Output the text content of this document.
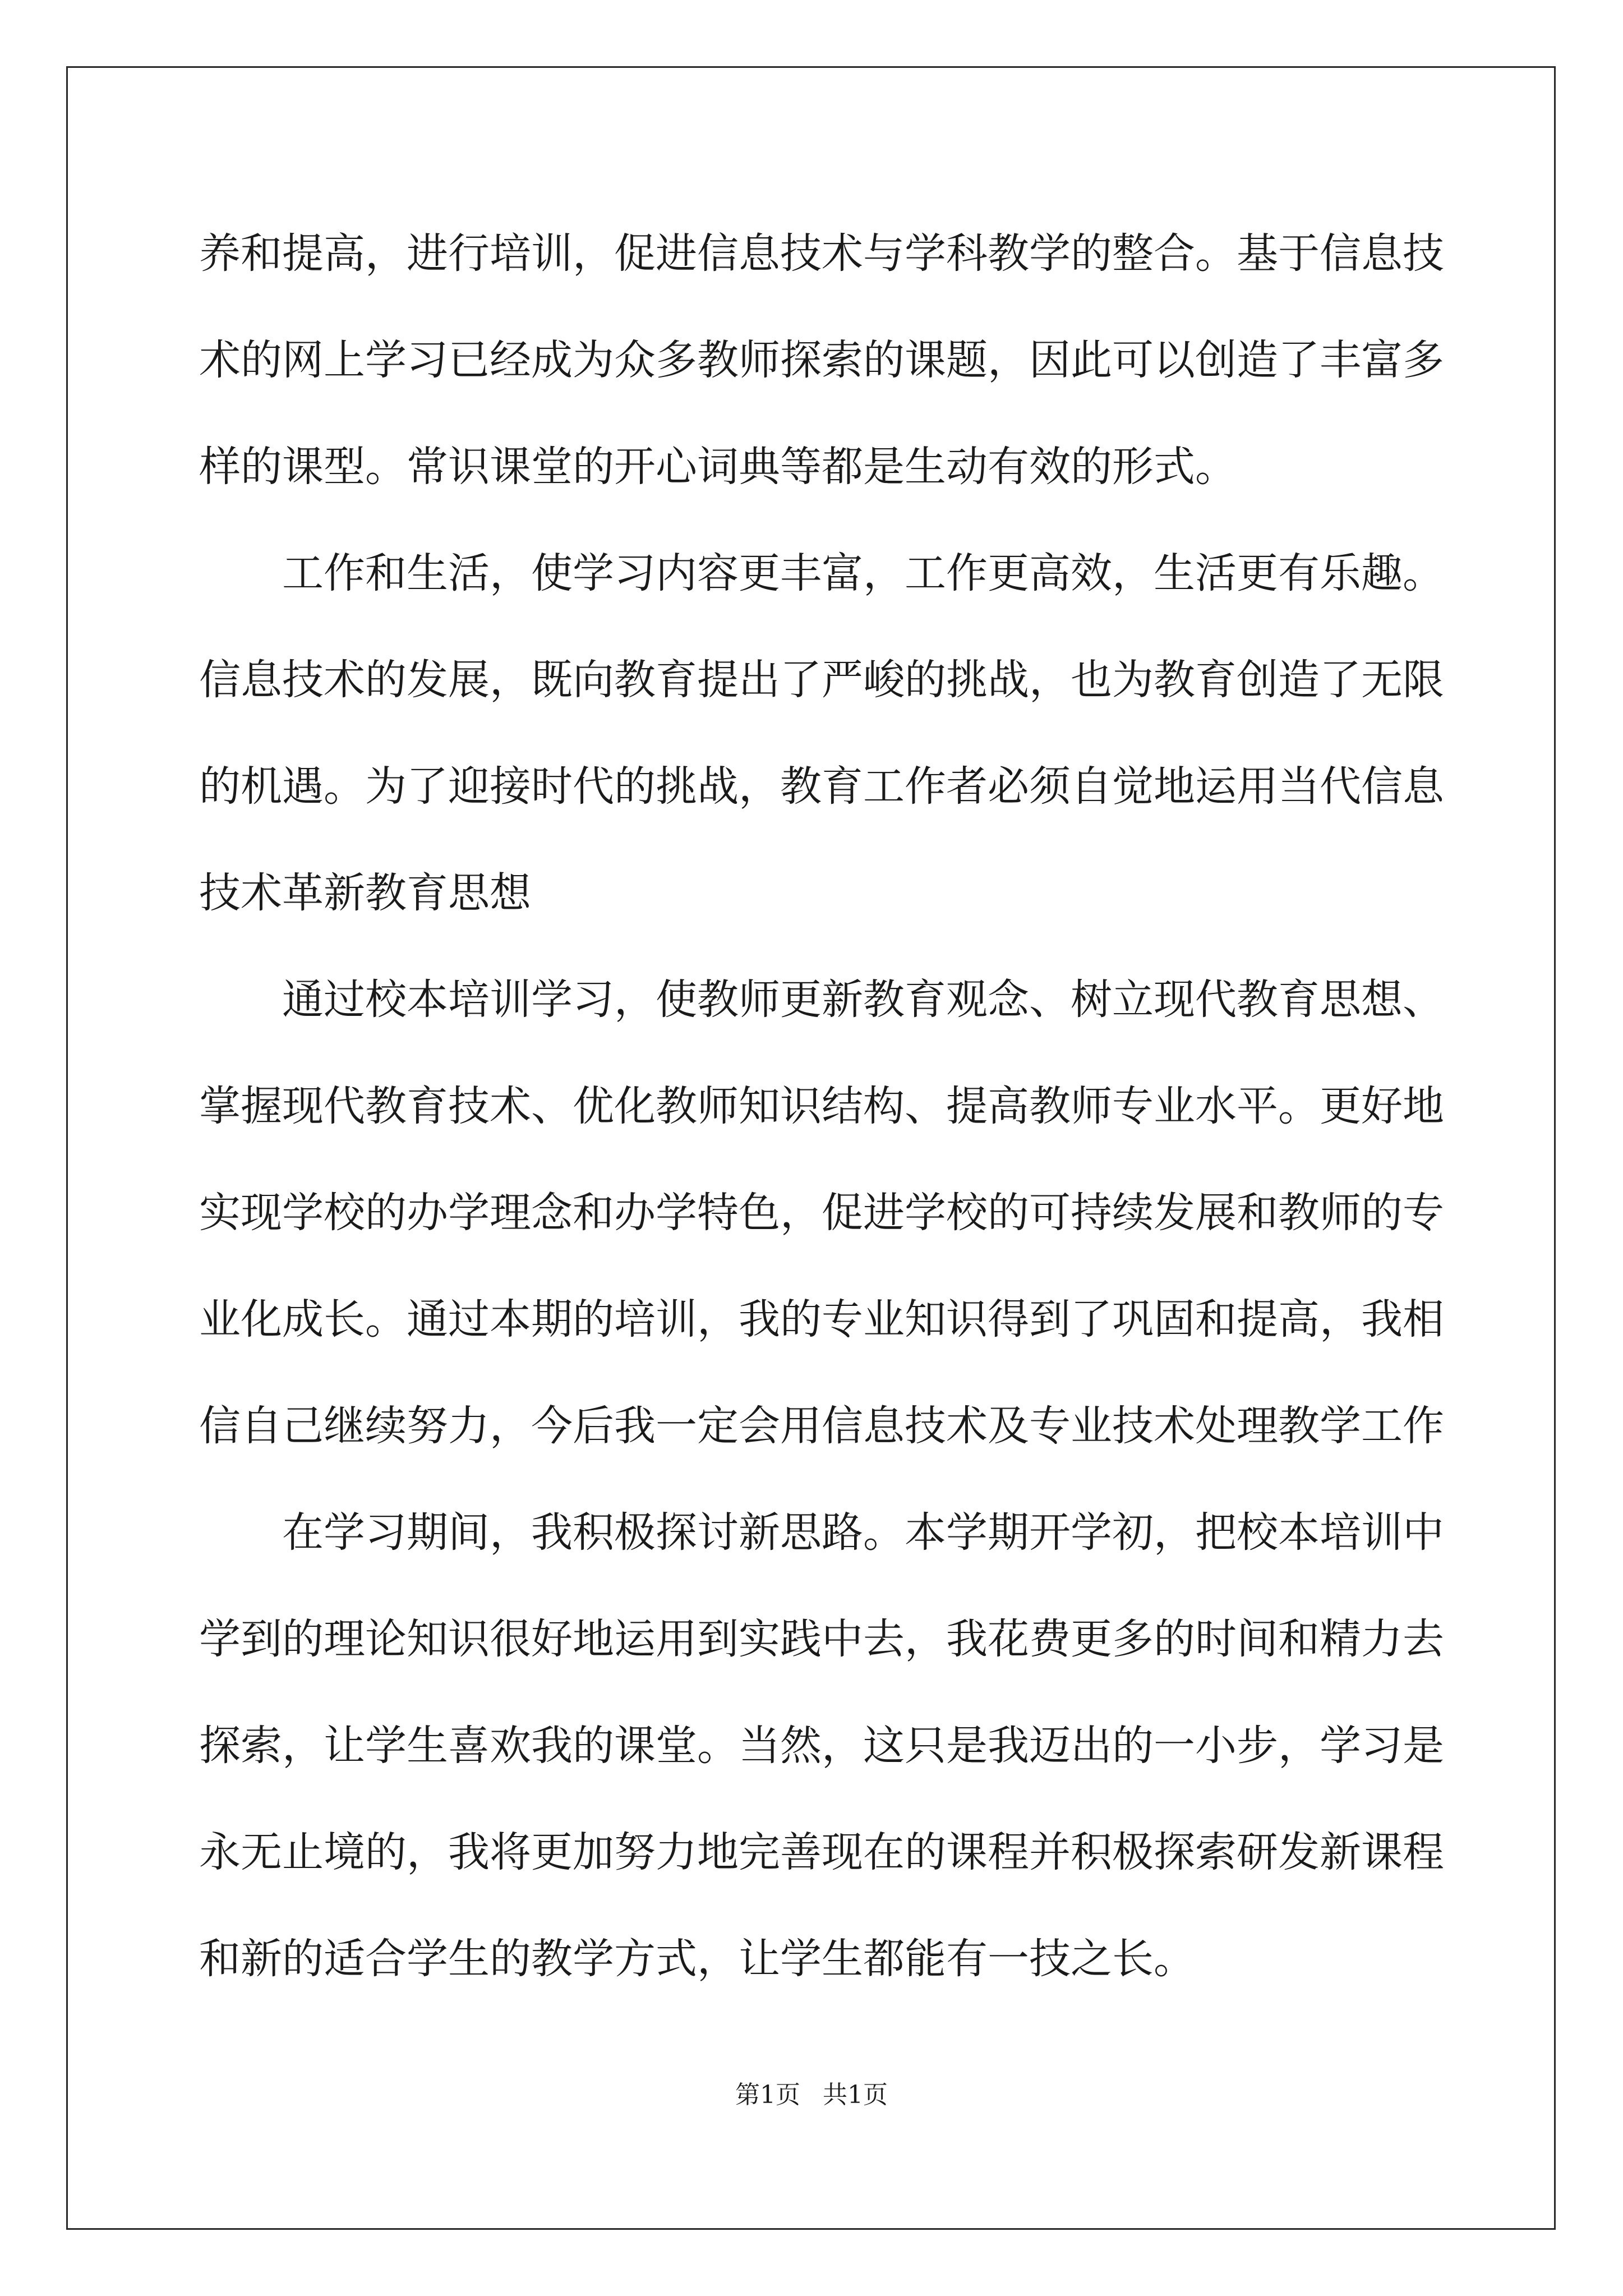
养和提高，进行培训，促进信息技术与学科教学的整合。基于信息技
术的网上学习已经成为众多教师探索的课题，因此可以创造了丰富多
样的课型。常识课堂的开心词典等都是生动有效的形式。
工作和生活，使学习内容更丰富，工作更高效，生活更有乐趣。
信息技术的发展，既向教育提出了严峻的挑战，也为教育创造了无限
的机遇。为了迎接时代的挑战，教育工作者必须自觉地运用当代信息
技术革新教育思想
通过校本培训学习，使教师更新教育观念、树立现代教育思想、
掌握现代教育技术、优化教师知识结构、提高教师专业水平。更好地
实现学校的办学理念和办学特色，促进学校的可持续发展和教师的专
业化成长。通过本期的培训，我的专业知识得到了巩固和提高，我相
信自己继续努力，今后我一定会用信息技术及专业技术处理教学工作
在学习期间，我积极探讨新思路。本学期开学初，把校本培训中
学到的理论知识很好地运用到实践中去，我花费更多的时间和精力去
探索，让学生喜欢我的课堂。当然，这只是我迈出的一小步，学习是
永无止境的，我将更加努力地完善现在的课程并积极探索研发新课程
和新的适合学生的教学方式，让学生都能有一技之长。
第1页 共1页
